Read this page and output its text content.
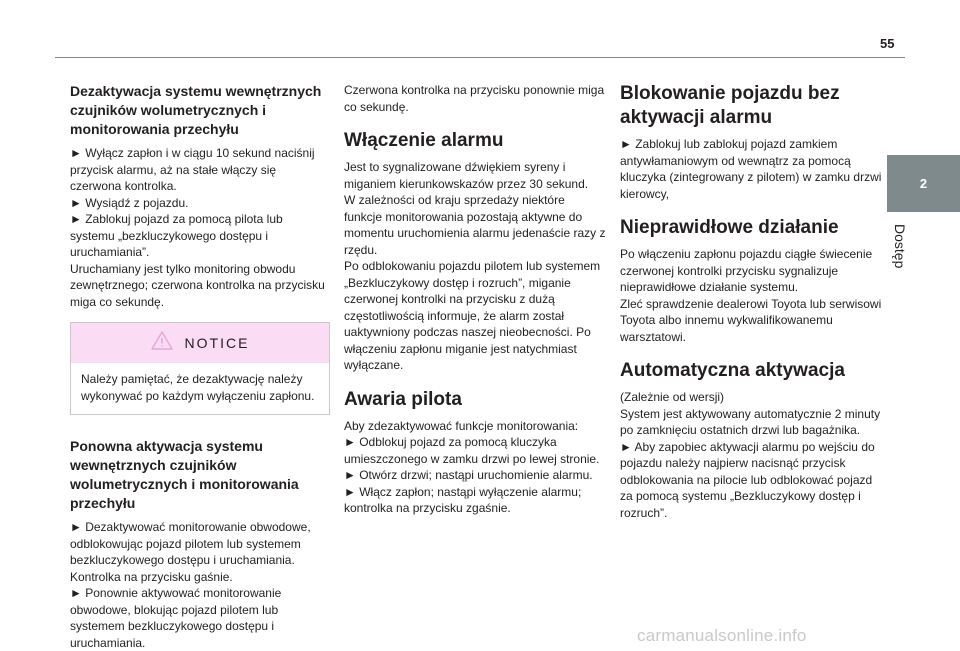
55
2
Dostęp
Dezaktywacja systemu wewnętrznych czujników wolumetrycznych i monitorowania przechyłu

► Wyłącz zapłon i w ciągu 10 sekund naciśnij przycisk alarmu, aż na stałe włączy się czerwona kontrolka.

► Wysiądź z pojazdu.

► Zablokuj pojazd za pomocą pilota lub systemu „bezkluczykowego dostępu i uruchamiania”.

Uruchamiany jest tylko monitoring obwodu zewnętrznego; czerwona kontrolka na przycisku miga co sekundę.

NOTICE
Należy pamiętać, że dezaktywację należy wykonywać po każdym wyłączeniu zapłonu.
Ponowna aktywacja systemu wewnętrznych czujników wolumetrycznych i monitorowania przechyłu

► Dezaktywować monitorowanie obwodowe, odblokowując pojazd pilotem lub systemem bezkluczykowego dostępu i uruchamiania.

Kontrolka na przycisku gaśnie.

► Ponownie aktywować monitorowanie obwodowe, blokując pojazd pilotem lub systemem bezkluczykowego dostępu i uruchamiania.

Czerwona kontrolka na przycisku ponownie miga co sekundę.

Włączenie alarmu

Jest to sygnalizowane dźwiękiem syreny i miganiem kierunkowskazów przez 30 sekund.

W zależności od kraju sprzedaży niektóre funkcje monitorowania pozostają aktywne do momentu uruchomienia alarmu jedenaście razy z rzędu.

Po odblokowaniu pojazdu pilotem lub systemem „Bezkluczykowy dostęp i rozruch”, miganie czerwonej kontrolki na przycisku z dużą częstotliwością informuje, że alarm został uaktywniony podczas naszej nieobecności. Po włączeniu zapłonu miganie jest natychmiast wyłączane.

Awaria pilota

Aby zdezaktywować funkcje monitorowania:

► Odblokuj pojazd za pomocą kluczyka umieszczonego w zamku drzwi po lewej stronie.

► Otwórz drzwi; nastąpi uruchomienie alarmu.

► Włącz zapłon; nastąpi wyłączenie alarmu; kontrolka na przycisku zgaśnie.

Blokowanie pojazdu bez aktywacji alarmu

► Zablokuj lub zablokuj pojazd zamkiem antywłamaniowym od wewnątrz za pomocą kluczyka (zintegrowany z pilotem) w zamku drzwi kierowcy,

Nieprawidłowe działanie

Po włączeniu zapłonu pojazdu ciągłe świecenie czerwonej kontrolki przycisku sygnalizuje nieprawidłowe działanie systemu.

Zleć sprawdzenie dealerowi Toyota lub serwisowi Toyota albo innemu wykwalifikowanemu warsztatowi.

Automatyczna aktywacja

(Zależnie od wersji)

System jest aktywowany automatycznie 2 minuty po zamknięciu ostatnich drzwi lub bagażnika.

► Aby zapobiec aktywacji alarmu po wejściu do pojazdu należy najpierw nacisnąć przycisk odblokowania na pilocie lub odblokować pojazd za pomocą systemu „Bezkluczykowy dostęp i rozruch”.

carmanualsonline.info
